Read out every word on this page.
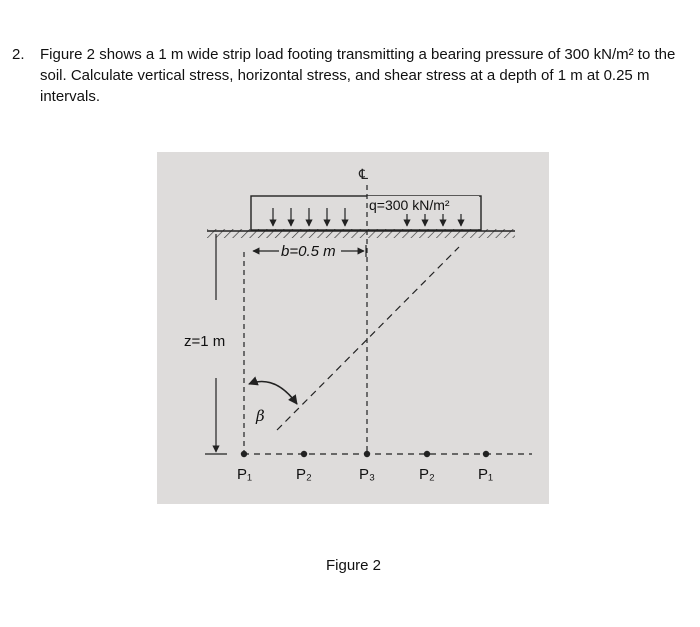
2.	Figure 2 shows a 1 m wide strip load footing transmitting a bearing pressure of 300 kN/m² to the soil. Calculate vertical stress, horizontal stress, and shear stress at a depth of 1 m at 0.25 m intervals.
q=300 kN/m²
℄
b=0.5 m
z=1 m
β
P₁	P₂	P₃	P₂	P₁
Figure 2
